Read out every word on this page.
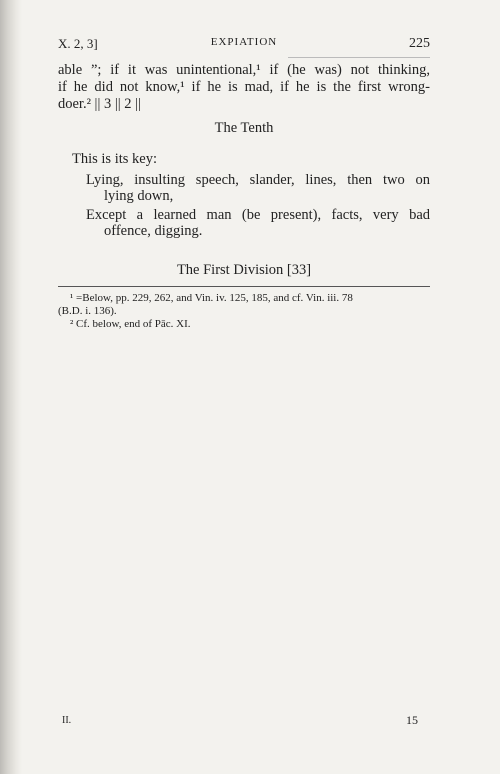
X. 2, 3]	EXPIATION	225
able ”; if it was unintentional,¹ if (he was) not thinking,
if he did not know,¹ if he is mad, if he is the first wrong-
doer.² || 3 || 2 ||
The Tenth
This is its key:
Lying, insulting speech, slander, lines, then two on
lying down,
Except a learned man (be present), facts, very bad
offence, digging.
The First Division [33]
¹ =Below, pp. 229, 262, and Vin. iv. 125, 185, and cf. Vin. iii. 78
(B.D. i. 136).
² Cf. below, end of Pāc. XI.
II.	15
